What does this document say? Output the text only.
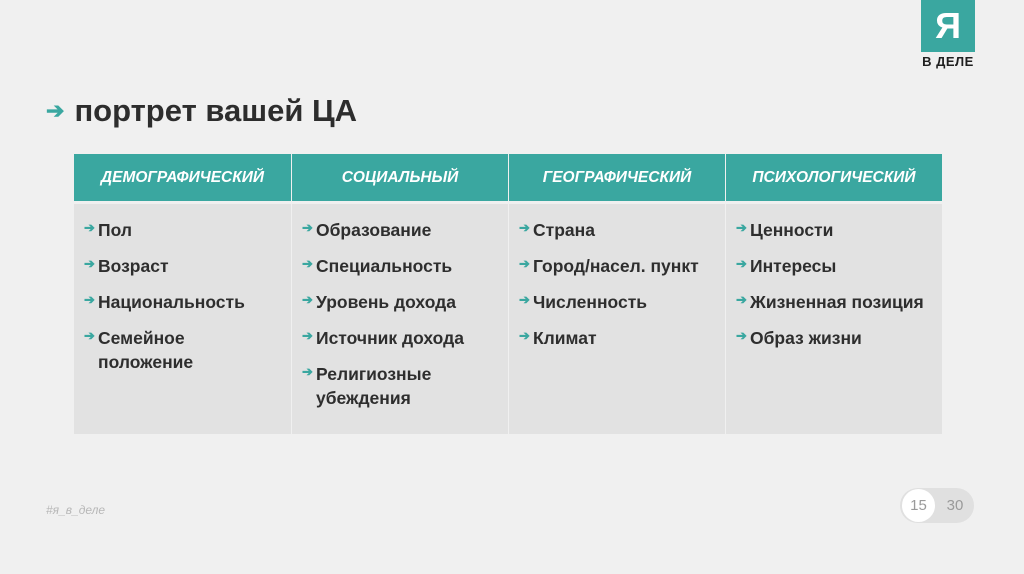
Я
В ДЕЛЕ
➔ портрет вашей ЦА
ДЕМОГРАФИЧЕСКИЙ
➔ Пол
➔ Возраст
➔ Национальность
➔ Семейное положение
СОЦИАЛЬНЫЙ
➔ Образование
➔ Специальность
➔ Уровень дохода
➔ Источник дохода
➔ Религиозные убеждения
ГЕОГРАФИЧЕСКИЙ
➔ Страна
➔ Город/насел. пункт
➔ Численность
➔ Климат
ПСИХОЛОГИЧЕСКИЙ
➔ Ценности
➔ Интересы
➔ Жизненная позиция
➔ Образ жизни
#я_в_деле	15	30
